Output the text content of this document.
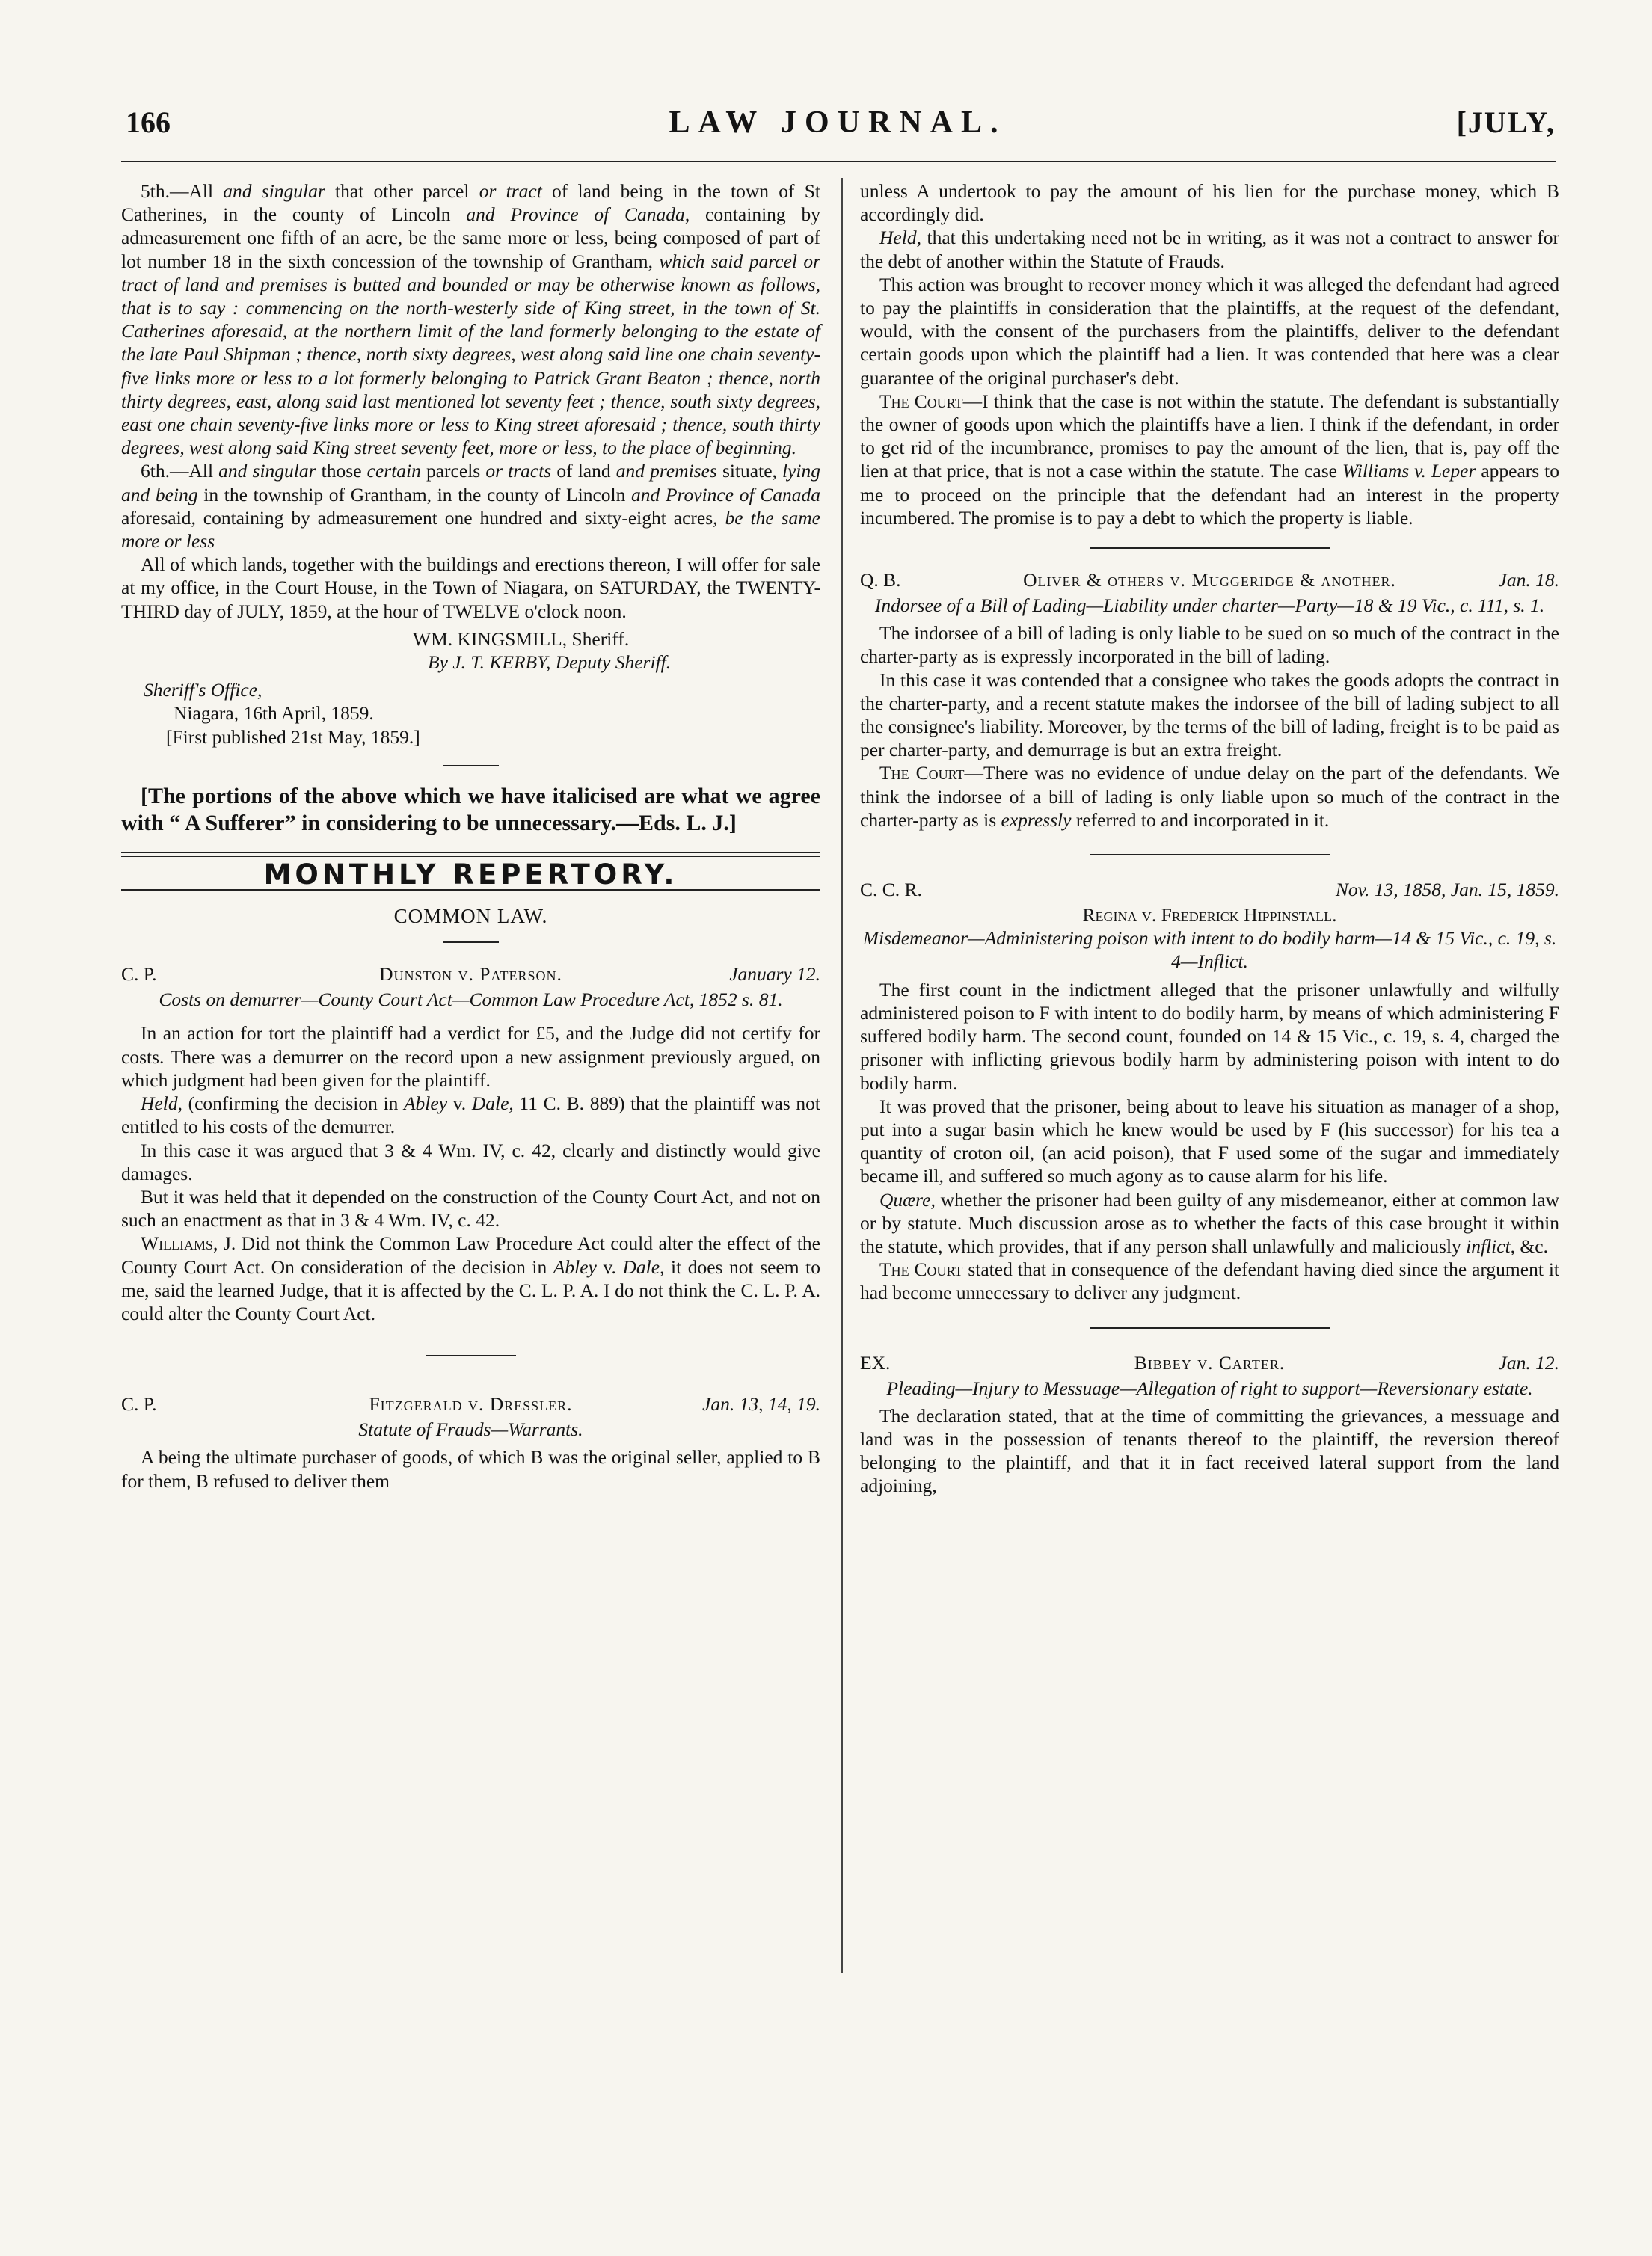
166	LAW JOURNAL.	[JULY,

5th.—All and singular that other parcel or tract of land being in the town of St Catherines, in the county of Lincoln and Province of Canada, containing by admeasurement one fifth of an acre, be the same more or less, being composed of part of lot number 18 in the sixth concession of the township of Grantham, which said parcel or tract of land and premises is butted and bounded or may be otherwise known as follows, that is to say : commencing on the north-westerly side of King street, in the town of St. Catherines aforesaid, at the northern limit of the land formerly belonging to the estate of the late Paul Shipman ; thence, north sixty degrees, west along said line one chain seventy-five links more or less to a lot formerly belonging to Patrick Grant Beaton ; thence, north thirty degrees, east, along said last mentioned lot seventy feet ; thence, south sixty degrees, east one chain seventy-five links more or less to King street aforesaid ; thence, south thirty degrees, west along said King street seventy feet, more or less, to the place of beginning.

6th.—All and singular those certain parcels or tracts of land and premises situate, lying and being in the township of Grantham, in the county of Lincoln and Province of Canada aforesaid, containing by admeasurement one hundred and sixty-eight acres, be the same more or less

All of which lands, together with the buildings and erections thereon, I will offer for sale at my office, in the Court House, in the Town of Niagara, on SATURDAY, the TWENTY-THIRD day of JULY, 1859, at the hour of TWELVE o'clock noon.

WM. KINGSMILL, Sheriff.

By J. T. KERBY, Deputy Sheriff.

Sheriff's Office,

Niagara, 16th April, 1859.

[First published 21st May, 1859.]

[The portions of the above which we have italicised are what we agree with “ A Sufferer” in considering to be unnecessary.—Eds. L. J.]

MONTHLY REPERTORY.
COMMON LAW.
C. P.	Dunston v. Paterson.	January 12.
Costs on demurrer—County Court Act—Common Law Procedure Act, 1852 s. 81.

In an action for tort the plaintiff had a verdict for £5, and the Judge did not certify for costs. There was a demurrer on the record upon a new assignment previously argued, on which judgment had been given for the plaintiff.

Held, (confirming the decision in Abley v. Dale, 11 C. B. 889) that the plaintiff was not entitled to his costs of the demurrer.

In this case it was argued that 3 & 4 Wm. IV, c. 42, clearly and distinctly would give damages.

But it was held that it depended on the construction of the County Court Act, and not on such an enactment as that in 3 & 4 Wm. IV, c. 42.

Williams, J. Did not think the Common Law Procedure Act could alter the effect of the County Court Act. On consideration of the decision in Abley v. Dale, it does not seem to me, said the learned Judge, that it is affected by the C. L. P. A. I do not think the C. L. P. A. could alter the County Court Act.

C. P.	Fitzgerald v. Dressler.	Jan. 13, 14, 19.
Statute of Frauds—Warrants.

A being the ultimate purchaser of goods, of which B was the original seller, applied to B for them, B refused to deliver them

unless A undertook to pay the amount of his lien for the purchase money, which B accordingly did.

Held, that this undertaking need not be in writing, as it was not a contract to answer for the debt of another within the Statute of Frauds.

This action was brought to recover money which it was alleged the defendant had agreed to pay the plaintiffs in consideration that the plaintiffs, at the request of the defendant, would, with the consent of the purchasers from the plaintiffs, deliver to the defendant certain goods upon which the plaintiff had a lien. It was contended that here was a clear guarantee of the original purchaser's debt.

The Court—I think that the case is not within the statute. The defendant is substantially the owner of goods upon which the plaintiffs have a lien. I think if the defendant, in order to get rid of the incumbrance, promises to pay the amount of the lien, that is, pay off the lien at that price, that is not a case within the statute. The case Williams v. Leper appears to me to proceed on the principle that the defendant had an interest in the property incumbered. The promise is to pay a debt to which the property is liable.

Q. B.	Oliver & others v. Muggeridge & another.	Jan. 18.
Indorsee of a Bill of Lading—Liability under charter—Party—18 & 19 Vic., c. 111, s. 1.

The indorsee of a bill of lading is only liable to be sued on so much of the contract in the charter-party as is expressly incorporated in the bill of lading.

In this case it was contended that a consignee who takes the goods adopts the contract in the charter-party, and a recent statute makes the indorsee of the bill of lading subject to all the consignee's liability. Moreover, by the terms of the bill of lading, freight is to be paid as per charter-party, and demurrage is but an extra freight.

The Court—There was no evidence of undue delay on the part of the defendants. We think the indorsee of a bill of lading is only liable upon so much of the contract in the charter-party as is expressly referred to and incorporated in it.

C. C. R.	Nov. 13, 1858, Jan. 15, 1859.
Regina v. Frederick Hippinstall.
Misdemeanor—Administering poison with intent to do bodily harm—14 & 15 Vic., c. 19, s. 4—Inflict.

The first count in the indictment alleged that the prisoner unlawfully and wilfully administered poison to F with intent to do bodily harm, by means of which administering F suffered bodily harm. The second count, founded on 14 & 15 Vic., c. 19, s. 4, charged the prisoner with inflicting grievous bodily harm by administering poison with intent to do bodily harm.

It was proved that the prisoner, being about to leave his situation as manager of a shop, put into a sugar basin which he knew would be used by F (his successor) for his tea a quantity of croton oil, (an acid poison), that F used some of the sugar and immediately became ill, and suffered so much agony as to cause alarm for his life.

Quære, whether the prisoner had been guilty of any misdemeanor, either at common law or by statute. Much discussion arose as to whether the facts of this case brought it within the statute, which provides, that if any person shall unlawfully and maliciously inflict, &c.

The Court stated that in consequence of the defendant having died since the argument it had become unnecessary to deliver any judgment.

EX.	Bibbey v. Carter.	Jan. 12.
Pleading—Injury to Messuage—Allegation of right to support—Reversionary estate.

The declaration stated, that at the time of committing the grievances, a messuage and land was in the possession of tenants thereof to the plaintiff, the reversion thereof belonging to the plaintiff, and that it in fact received lateral support from the land adjoining,
